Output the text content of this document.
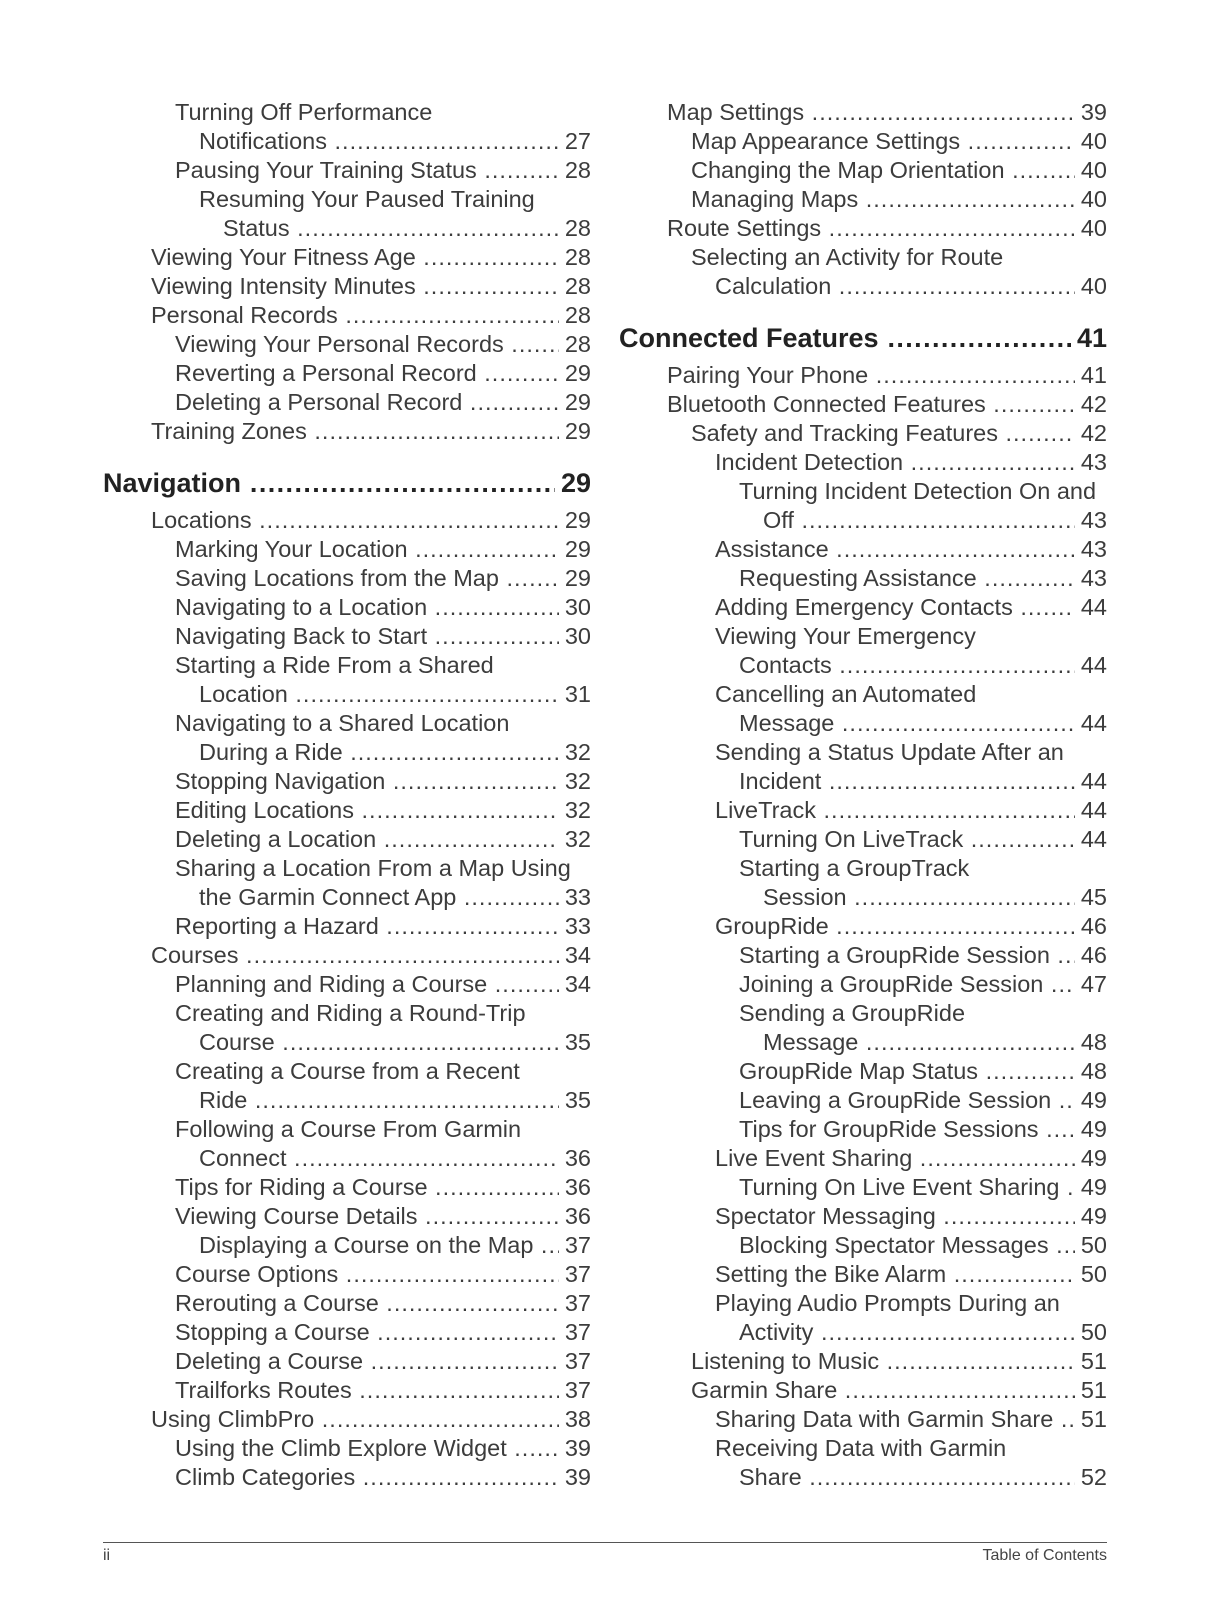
Turning Off Performance
Notifications .....	27
Pausing Your Training Status .....	28
Resuming Your Paused Training
Status .....	28
Viewing Your Fitness Age .....	28
Viewing Intensity Minutes .....	28
Personal Records .....	28
Viewing Your Personal Records .....	28
Reverting a Personal Record .....	29
Deleting a Personal Record .....	29
Training Zones .....	29
Navigation .....	29
Locations .....	29
Marking Your Location .....	29
Saving Locations from the Map .....	29
Navigating to a Location .....	30
Navigating Back to Start .....	30
Starting a Ride From a Shared
Location .....	31
Navigating to a Shared Location
During a Ride .....	32
Stopping Navigation .....	32
Editing Locations .....	32
Deleting a Location .....	32
Sharing a Location From a Map Using
the Garmin Connect App .....	33
Reporting a Hazard .....	33
Courses .....	34
Planning and Riding a Course .....	34
Creating and Riding a Round-Trip
Course .....	35
Creating a Course from a Recent
Ride .....	35
Following a Course From Garmin
Connect .....	36
Tips for Riding a Course .....	36
Viewing Course Details .....	36
Displaying a Course on the Map .....	37
Course Options .....	37
Rerouting a Course .....	37
Stopping a Course .....	37
Deleting a Course .....	37
Trailforks Routes .....	37
Using ClimbPro .....	38
Using the Climb Explore Widget .....	39
Climb Categories .....	39
Map Settings .....	39
Map Appearance Settings .....	40
Changing the Map Orientation .....	40
Managing Maps .....	40
Route Settings .....	40
Selecting an Activity for Route
Calculation .....	40
Connected Features .....	41
Pairing Your Phone .....	41
Bluetooth Connected Features .....	42
Safety and Tracking Features .....	42
Incident Detection .....	43
Turning Incident Detection On and
Off .....	43
Assistance .....	43
Requesting Assistance .....	43
Adding Emergency Contacts .....	44
Viewing Your Emergency
Contacts .....	44
Cancelling an Automated
Message .....	44
Sending a Status Update After an
Incident .....	44
LiveTrack .....	44
Turning On LiveTrack .....	44
Starting a GroupTrack
Session .....	45
GroupRide .....	46
Starting a GroupRide Session .....	46
Joining a GroupRide Session .....	47
Sending a GroupRide
Message .....	48
GroupRide Map Status .....	48
Leaving a GroupRide Session .....	49
Tips for GroupRide Sessions .....	49
Live Event Sharing .....	49
Turning On Live Event Sharing ..... 49
Spectator Messaging .....	49
Blocking Spectator Messages .....	50
Setting the Bike Alarm .....	50
Playing Audio Prompts During an
Activity .....	50
Listening to Music .....	51
Garmin Share .....	51
Sharing Data with Garmin Share .....	51
Receiving Data with Garmin
Share .....	52
ii	Table of Contents
